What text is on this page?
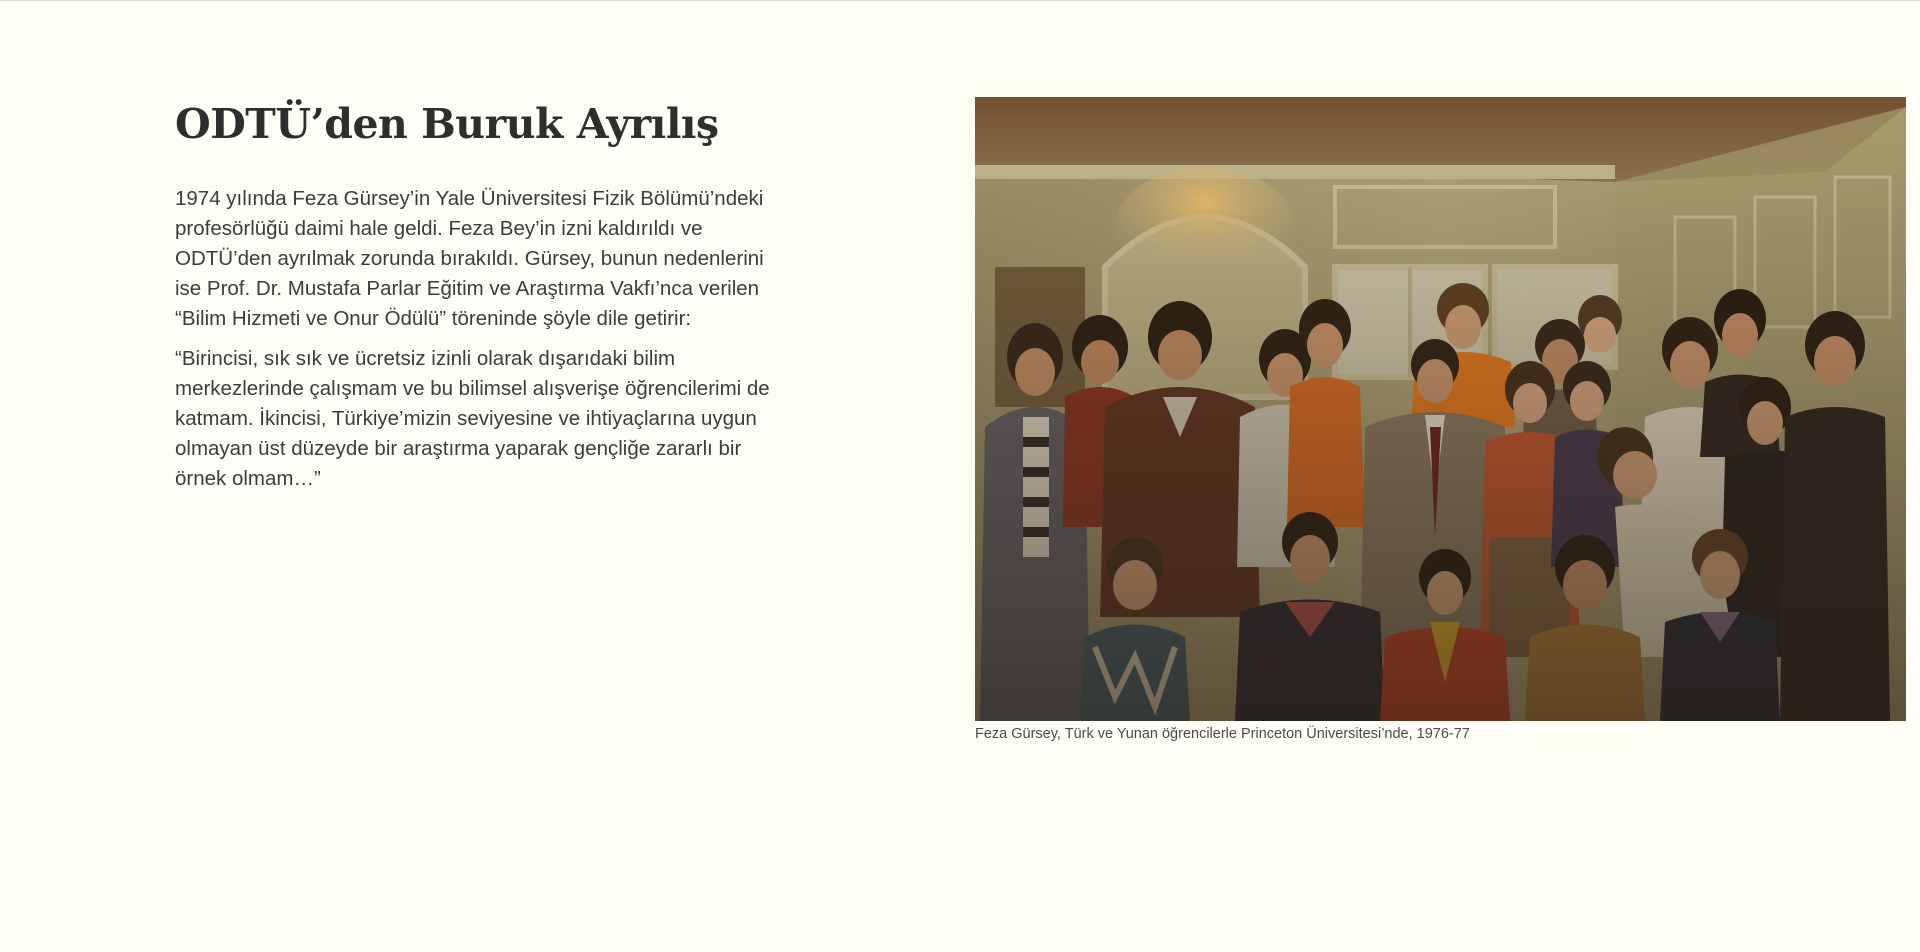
ODTÜ’den Buruk Ayrılış

1974 yılında Feza Gürsey’in Yale Üniversitesi Fizik Bölümü’ndeki profesörlüğü daimi hale geldi. Feza Bey’in izni kaldırıldı ve ODTÜ’den ayrılmak zorunda bırakıldı. Gürsey, bunun nedenlerini ise Prof. Dr. Mustafa Parlar Eğitim ve Araştırma Vakfı’nca verilen “Bilim Hizmeti ve Onur Ödülü” töreninde şöyle dile getirir:

“Birincisi, sık sık ve ücretsiz izinli olarak dışarıdaki bilim merkezlerinde çalışmam ve bu bilimsel alışverişe öğrencilerimi de katmam. İkincisi, Türkiye’mizin seviyesine ve ihtiyaçlarına uygun olmayan üst düzeyde bir araştırma yaparak gençliğe zararlı bir örnek olmam…”

Feza Gürsey, Türk ve Yunan öğrencilerle Princeton Üniversitesi’nde, 1976-77
